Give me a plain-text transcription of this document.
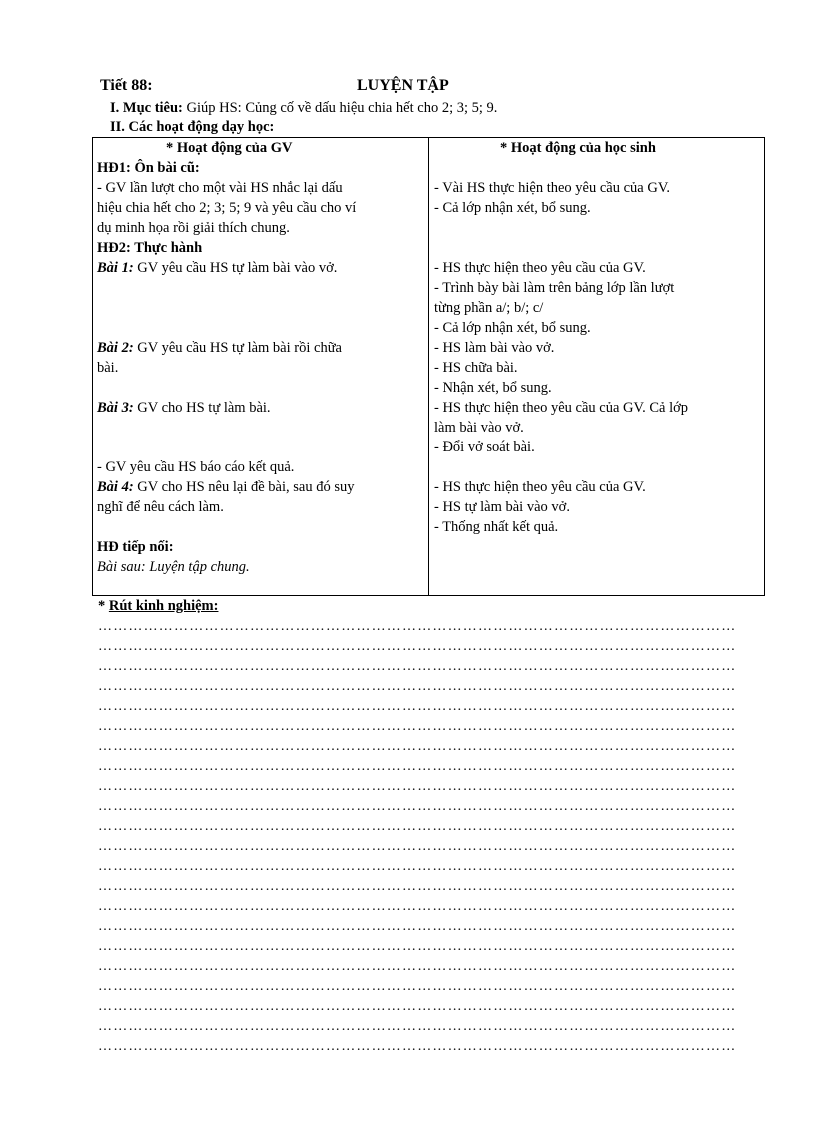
Tiết 88:	LUYỆN TẬP
I. Mục tiêu: Giúp HS: Củng cố về dấu hiệu chia hết cho 2; 3; 5; 9.
II. Các hoạt động dạy học:
* Hoạt động của GV
HĐ1: Ôn bài cũ:
- GV lần lượt cho một vài HS nhắc lại dấu
hiệu chia hết cho 2; 3; 5; 9 và yêu cầu cho ví
dụ minh họa rồi giải thích chung.
HĐ2: Thực hành
Bài 1: GV yêu cầu HS tự làm bài vào vở.
Bài 2: GV yêu cầu HS tự làm bài rồi chữa
bài.
Bài 3: GV cho HS tự làm bài.
- GV yêu cầu HS báo cáo kết quả.
Bài 4: GV cho HS nêu lại đề bài, sau đó suy
nghĩ để nêu cách làm.
HĐ tiếp nối:
Bài sau: Luyện tập chung.
* Hoạt động của học sinh
- Vài HS thực hiện theo yêu cầu của GV.
- Cả lớp nhận xét, bổ sung.
- HS thực hiện theo yêu cầu của GV.
- Trình bày bài làm trên bảng lớp lần lượt
từng phần a/; b/; c/
- Cả lớp nhận xét, bổ sung.
- HS làm bài vào vở.
- HS chữa bài.
- Nhận xét, bổ sung.
- HS thực hiện theo yêu cầu của GV. Cả lớp
làm bài vào vở.
- Đổi vở soát bài.
- HS thực hiện theo yêu cầu của GV.
- HS tự làm bài vào vở.
- Thống nhất kết quả.
* Rút kinh nghiệm:
………………………………………………………………………………………………………………
………………………………………………………………………………………………………………
………………………………………………………………………………………………………………
………………………………………………………………………………………………………………
………………………………………………………………………………………………………………
………………………………………………………………………………………………………………
………………………………………………………………………………………………………………
………………………………………………………………………………………………………………
………………………………………………………………………………………………………………
………………………………………………………………………………………………………………
………………………………………………………………………………………………………………
………………………………………………………………………………………………………………
………………………………………………………………………………………………………………
………………………………………………………………………………………………………………
………………………………………………………………………………………………………………
………………………………………………………………………………………………………………
………………………………………………………………………………………………………………
………………………………………………………………………………………………………………
………………………………………………………………………………………………………………
………………………………………………………………………………………………………………
………………………………………………………………………………………………………………
………………………………………………………………………………………………………………
